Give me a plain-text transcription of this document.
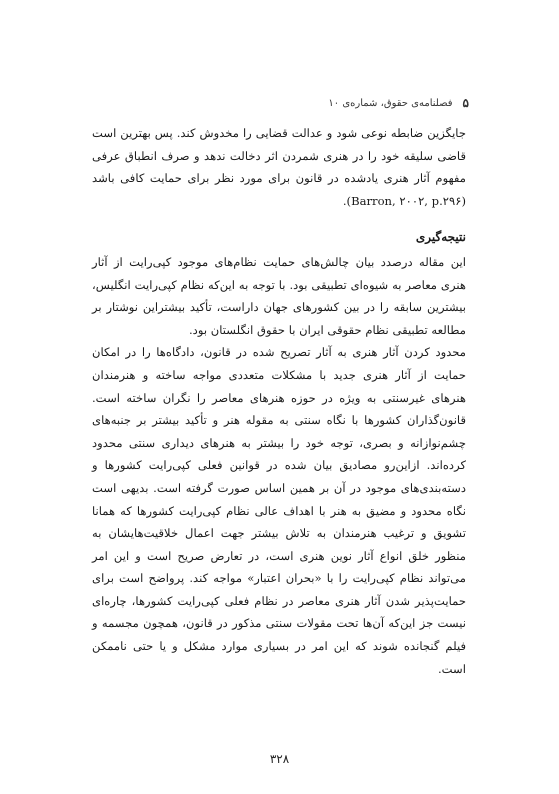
۵
فصلنامه‌ی حقوق، شماره‌ی ۱۰

جایگزین ضابطه نوعی شود و عدالت قضایی را مخدوش کند. پس بهترین است قاضی سلیقه خود را در هنری شمردن اثر دخالت ندهد و صرف انطباق عرفی مفهوم آثار هنری یادشده در قانون برای مورد نظر برای حمایت کافی باشد (Barron, ۲۰۰۲, p.۲۹۶).

نتیجه‌گیری

این مقاله درصدد بیان چالش‌های حمایت نظام‌های موجود کپی‌رایت از آثار هنری معاصر به شیوه‌ای تطبیقی بود. با توجه به این‌که نظام کپی‌رایت انگلیس، بیشترین سابقه را در بین کشورهای جهان داراست، تأکید بیشتراین نوشتار بر مطالعه تطبیقی نظام حقوقی ایران با حقوق انگلستان بود.

محدود کردن آثار هنری به آثار تصریح شده در قانون، دادگاه‌ها را در امکان حمایت از آثار هنری جدید با مشکلات متعددی مواجه ساخته و هنرمندان هنرهای غیرسنتی به ویژه در حوزه هنرهای معاصر را نگران ساخته است. قانون‌گذاران کشورها با نگاه سنتی به مقوله هنر و تأکید بیشتر بر جنبه‌های چشم‌نوازانه و بصری، توجه خود را بیشتر به هنرهای دیداری سنتی محدود کرده‌اند. ازاین‌رو مصادیق بیان شده در قوانین فعلی کپی‌رایت کشورها و دسته‌بندی‌های موجود در آن بر همین اساس صورت گرفته است. بدیهی است نگاه محدود و مضیق به هنر با اهداف عالی نظام کپی‌رایت کشورها که همانا تشویق و ترغیب هنرمندان به تلاش بیشتر جهت اعمال خلاقیت‌هایشان به منظور خلق انواع آثار نوین هنری است، در تعارض صریح است و این امر می‌تواند نظام کپی‌رایت را با «بحران اعتبار» مواجه کند. پرواضح است برای حمایت‌پذیر شدن آثار هنری معاصر در نظام فعلی کپی‌رایت کشورها، چاره‌ای نیست جز این‌که آن‌ها تحت مقولات سنتی مذکور در قانون، همچون مجسمه و فیلم گنجانده شوند که این امر در بسیاری موارد مشکل و یا حتی ناممکن است.

۳۲۸
